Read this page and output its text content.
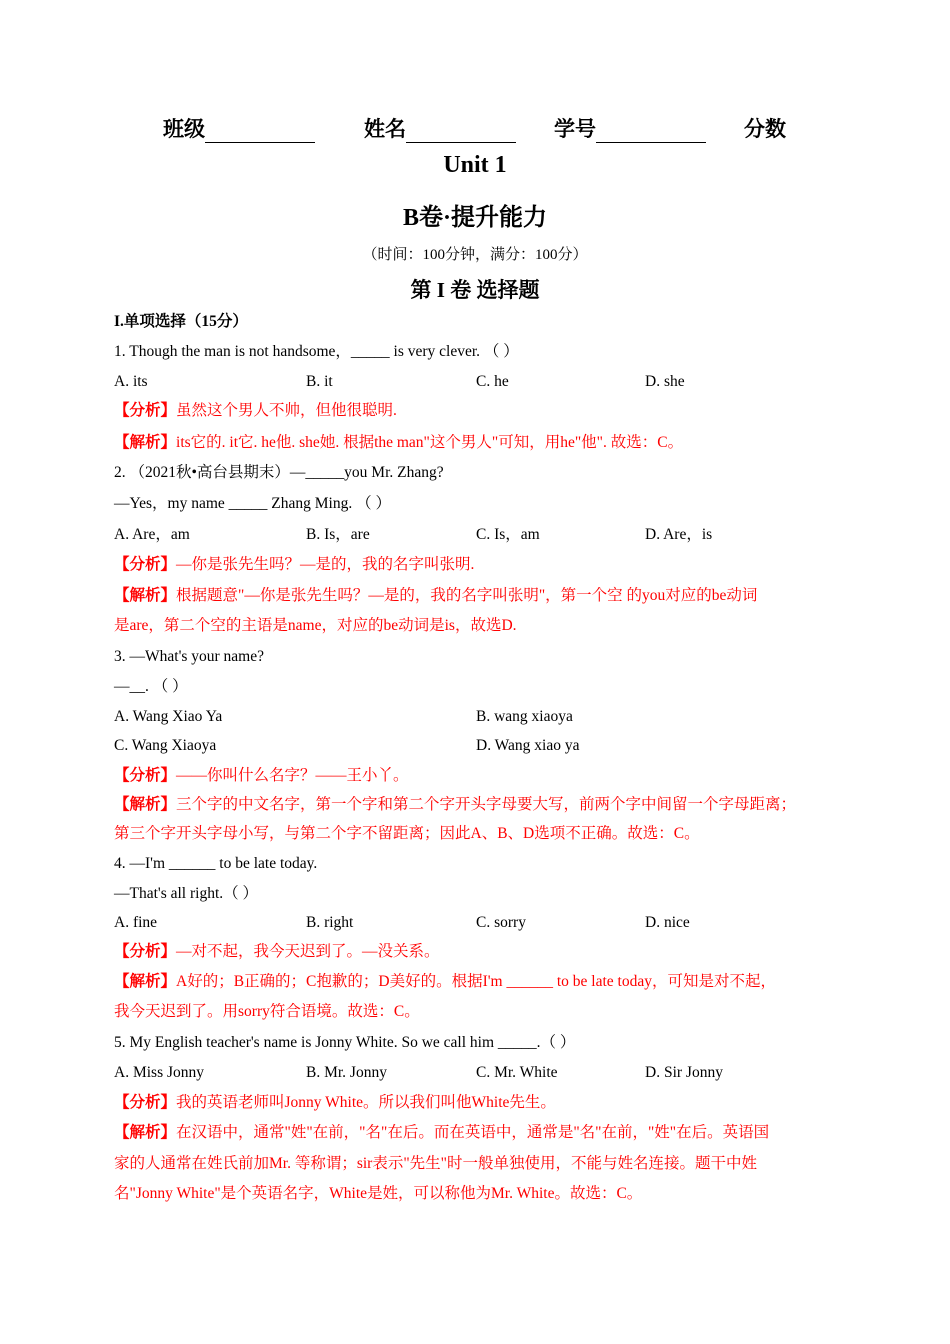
班级	姓名	学号	分数
Unit 1
B卷·提升能力
（时间：100分钟，满分：100分）
第 I 卷 选择题
I.单项选择（15分）
1. Though the man is not handsome，_____ is very clever. （ ）
A. its	B. it	C. he	D. she
【分析】虽然这个男人不帅，但他很聪明.
【解析】its它的. it它. he他. she她. 根据the man"这个男人"可知，用he"他". 故选：C。
2. （2021秋•高台县期末）—_____you Mr. Zhang?
—Yes，my name _____ Zhang Ming. （ ）
A. Are，am	B. Is，are	C. Is，am	D. Are，is
【分析】—你是张先生吗？—是的，我的名字叫张明.
【解析】根据题意"—你是张先生吗？—是的，我的名字叫张明"，第一个空 的you对应的be动词
是are，第二个空的主语是name，对应的be动词是is，故选D.
3. —What's your name?
—__. （ ）
A. Wang Xiao Ya	B. wang xiaoya
C. Wang Xiaoya	D. Wang xiao ya
【分析】——你叫什么名字？——王小丫。
【解析】三个字的中文名字，第一个字和第二个字开头字母要大写，前两个字中间留一个字母距离；
第三个字开头字母小写，与第二个字不留距离；因此A、B、D选项不正确。故选：C。
4. —I'm ______ to be late today.
—That's all right.（ ）
A. fine	B. right	C. sorry	D. nice
【分析】—对不起，我今天迟到了。—没关系。
【解析】A好的；B正确的；C抱歉的；D美好的。根据I'm ______ to be late today，可知是对不起，
我今天迟到了。用sorry符合语境。故选：C。
5. My English teacher's name is Jonny White. So we call him _____.（ ）
A. Miss Jonny	B. Mr. Jonny	C. Mr. White	D. Sir Jonny
【分析】我的英语老师叫Jonny White。所以我们叫他White先生。
【解析】在汉语中，通常"姓"在前，"名"在后。而在英语中，通常是"名"在前，"姓"在后。英语国
家的人通常在姓氏前加Mr. 等称谓；sir表示"先生"时一般单独使用，不能与姓名连接。题干中姓
名"Jonny White"是个英语名字，White是姓，可以称他为Mr. White。故选：C。
